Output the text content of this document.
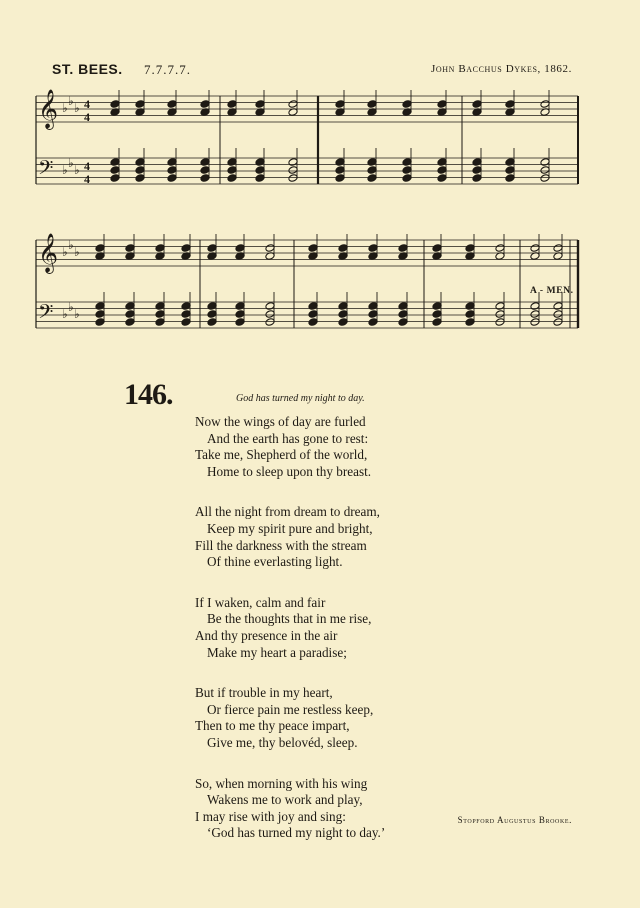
ST. BEES. 7.7.7.7.	John Bacchus Dykes, 1862.
𝄞 ♭ ♭ ♭
𝄢 ♭ ♭ ♭
𝄞 ♭ ♭ ♭
𝄢 ♭ ♭ ♭
4
4
4
4
A - MEN.
146.	God has turned my night to day.
Now the wings of day are furled
And the earth has gone to rest:
Take me, Shepherd of the world,
Home to sleep upon thy breast.
All the night from dream to dream,
Keep my spirit pure and bright,
Fill the darkness with the stream
Of thine everlasting light.
If I waken, calm and fair
Be the thoughts that in me rise,
And thy presence in the air
Make my heart a paradise;
But if trouble in my heart,
Or fierce pain me restless keep,
Then to me thy peace impart,
Give me, thy belovéd, sleep.
So, when morning with his wing
Wakens me to work and play,
I may rise with joy and sing:
‘God has turned my night to day.’
Stopford Augustus Brooke.
